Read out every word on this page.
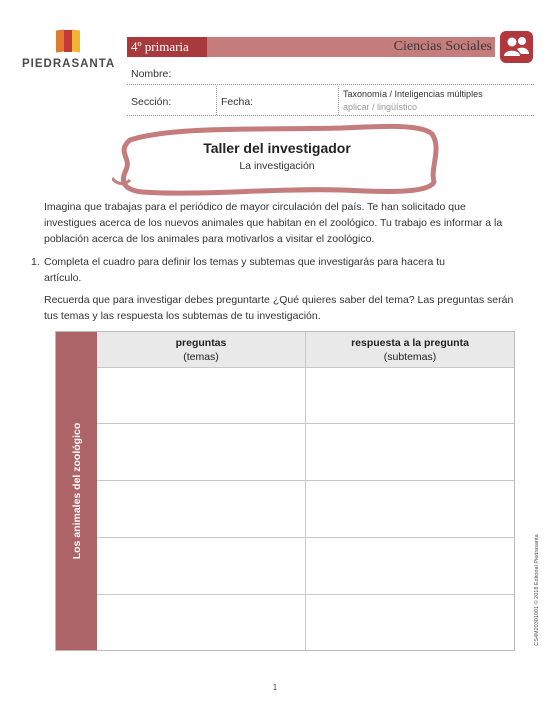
PIEDRASANTA
4º primaria	Ciencias Sociales
Nombre:
Sección:	Fecha:
Taxonomía / Inteligencias múltiples
aplicar / lingüístico
Taller del investigador
La investigación
Imagina que trabajas para el periódico de mayor circulación del país. Te han solicitado que investigues acerca de los nuevos animales que habitan en el zoológico. Tu trabajo es informar a la población acerca de los animales para motivarlos a visitar el zoológico.
1. Completa el cuadro para definir los temas y subtemas que investigarás para hacera tu artículo.
Recuerda que para investigar debes preguntarte ¿Qué quieres saber del tema? Las preguntas serán tus temas y las respuesta los subtemas de tu investigación.
Los animales del zoológico
preguntas
(temas)
respuesta a la pregunta
(subtemas)
CS4M20301001 © 2018 Editorial Piedrasanta
1
